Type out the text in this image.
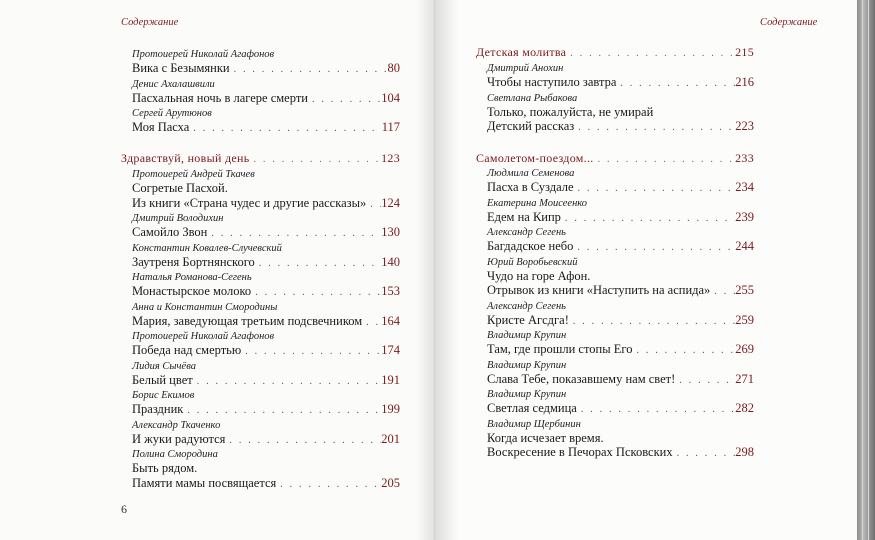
Содержание	Содержание
6
Протоиерей Николай Агафонов
Вика с Безымянки . . .	80
Денис Ахалашвили
Пасхальная ночь в лагере смерти . . .	104
Сергей Арутюнов
Моя Пасха . . .	117
Здравствуй, новый день . . .	123
Протоиерей Андрей Ткачев
Согретые Пасхой.
Из книги «Страна чудес и другие рассказы» . . . 124
Дмитрий Володихин
Самойло Звон . . .	130
Константин Ковалев-Случевский
Заутреня Бортнянского . . .	140
Наталья Романова-Сегень
Монастырское молоко . . .	153
Анна и Константин Смородины
Мария, заведующая третьим подсвечником . . . 164
Протоиерей Николай Агафонов
Победа над смертью . . .	174
Лидия Сычёва
Белый цвет . . .	191
Борис Екимов
Праздник . . .	199
Александр Ткаченко
И жуки радуются . . .	201
Полина Смородина
Быть рядом.
Памяти мамы посвящается . . .	205
Детская молитва . . .	215
Дмитрий Анохин
Чтобы наступило завтра . . .	216
Светлана Рыбакова
Только, пожалуйста, не умирай
Детский рассказ . . .	223
Самолетом-поездом... . . .	233
Людмила Семенова
Пасха в Суздале . . .	234
Екатерина Моисеенко
Едем на Кипр . . .	239
Александр Сегень
Багдадское небо . . .	244
Юрий Воробьевский
Чудо на горе Афон.
Отрывок из книги «Наступить на аспида» . . . 255
Александр Сегень
Кристе Агсдга! . . .	259
Владимир Крупин
Там, где прошли стопы Его . . .	269
Владимир Крупин
Слава Тебе, показавшему нам свет! . . .	271
Владимир Крупин
Светлая седмица . . .	282
Владимир Щербинин
Когда исчезает время.
Воскресение в Печорах Псковских . . .	298
